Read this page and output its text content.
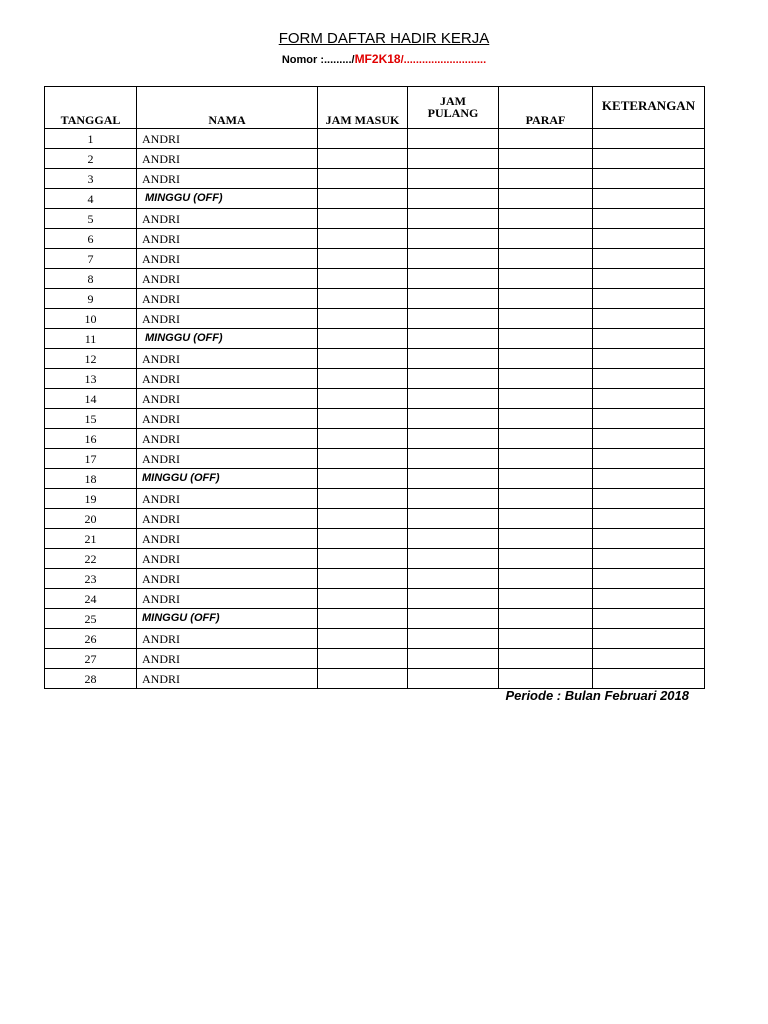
FORM DAFTAR HADIR KERJA
Nomor :........./MF2K18/...........................
TANGGAL	NAMA	JAM MASUK	JAM PULANG	PARAF	KETERANGAN
1	ANDRI				
2	ANDRI				
3	ANDRI				
4	MINGGU (OFF)				
5	ANDRI				
6	ANDRI				
7	ANDRI				
8	ANDRI				
9	ANDRI				
10	ANDRI				
11	MINGGU (OFF)				
12	ANDRI				
13	ANDRI				
14	ANDRI				
15	ANDRI				
16	ANDRI				
17	ANDRI				
18	MINGGU (OFF)				
19	ANDRI				
20	ANDRI				
21	ANDRI				
22	ANDRI				
23	ANDRI				
24	ANDRI				
25	MINGGU (OFF)				
26	ANDRI				
27	ANDRI				
28	ANDRI				
Periode : Bulan Februari 2018
